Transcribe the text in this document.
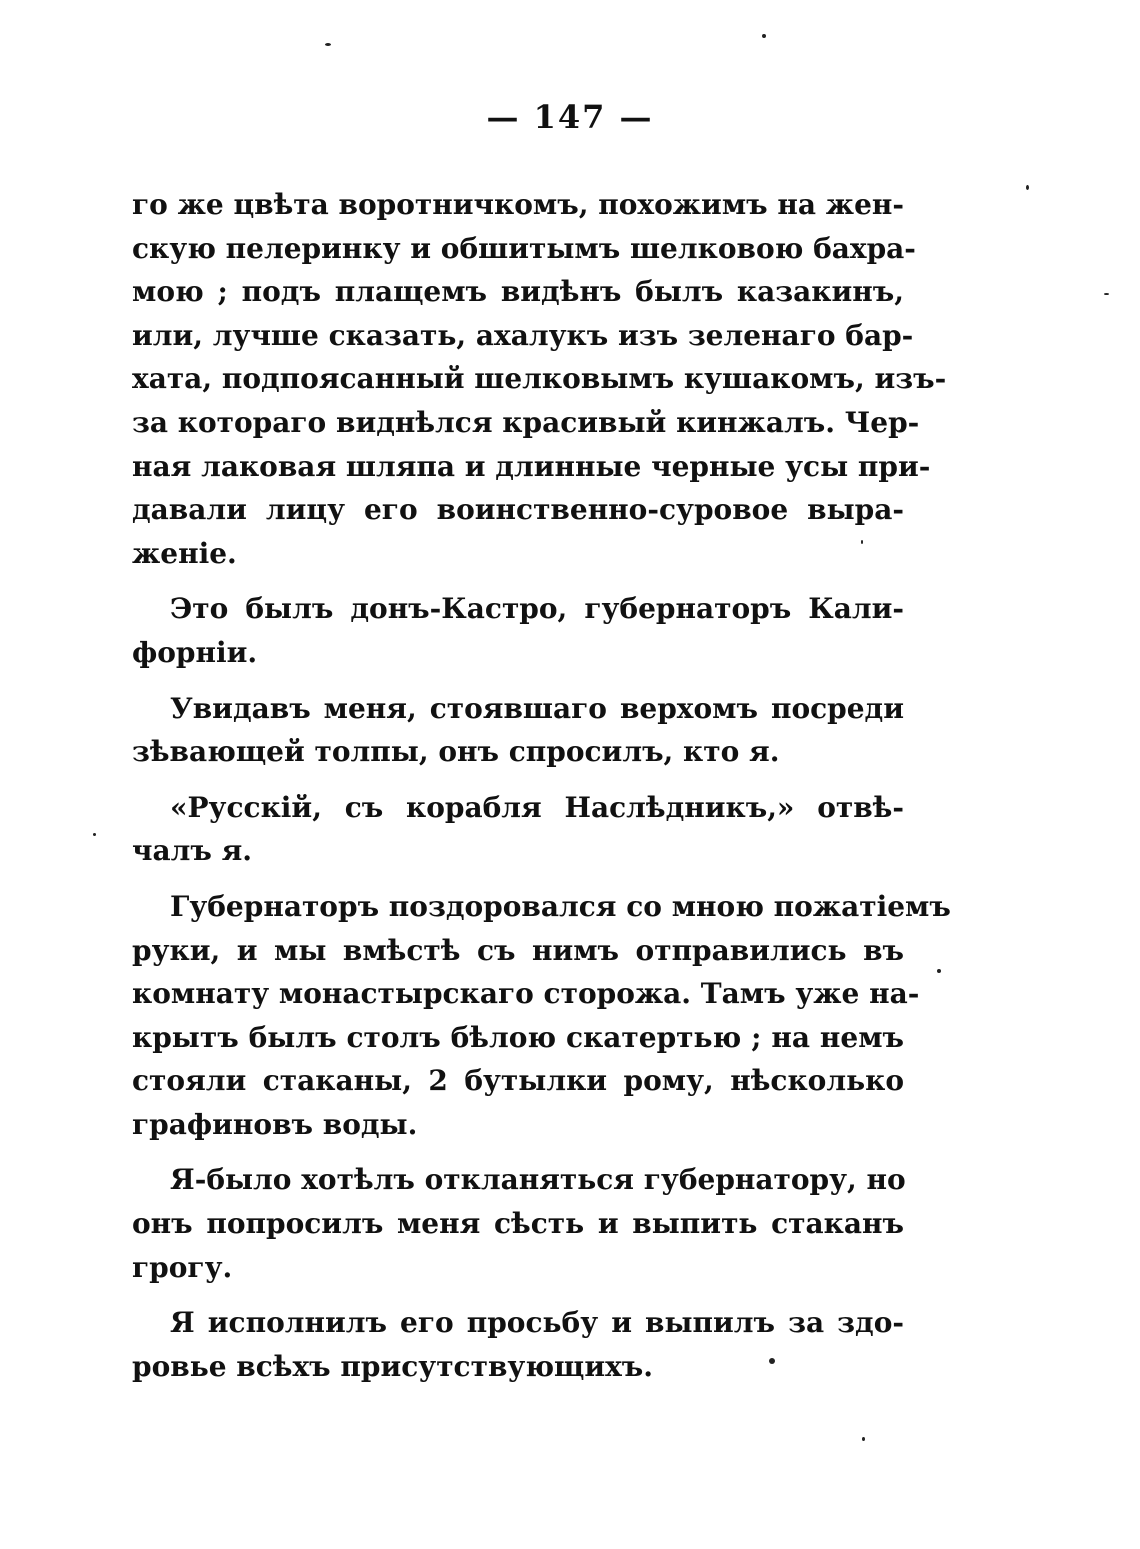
— 147 —

го же цвѣта воротничкомъ, похожимъ на жен-
скую пелеринку и обшитымъ шелковою бахра-
мою ; подъ плащемъ видѣнъ былъ казакинъ,
или, лучше сказать, ахалукъ изъ зеленаго бар-
хата, подпоясанный шелковымъ кушакомъ, изъ-
за котораго виднѣлся красивый кинжалъ. Чер-
ная лаковая шляпа и длинные черные усы при-
давали лицу его воинственно-суровое выра-
женіе.

Это былъ донъ-Кастро, губернаторъ Кали-
форніи.

Увидавъ меня, стоявшаго верхомъ посреди
зѣвающей толпы, онъ спросилъ, кто я.

«Русскій, съ корабля Наслѣдникъ,» отвѣ-
чалъ я.

Губернаторъ поздоровался со мною пожатіемъ
руки, и мы вмѣстѣ съ нимъ отправились въ
комнату монастырскаго сторожа. Тамъ уже на-
крытъ былъ столъ бѣлою скатертью ; на немъ
стояли стаканы, 2 бутылки рому, нѣсколько
графиновъ воды.

Я-было хотѣлъ откланяться губернатору, но
онъ попросилъ меня сѣсть и выпить стаканъ
грогу.

Я исполнилъ его просьбу и выпилъ за здо-
ровье всѣхъ присутствующихъ.
